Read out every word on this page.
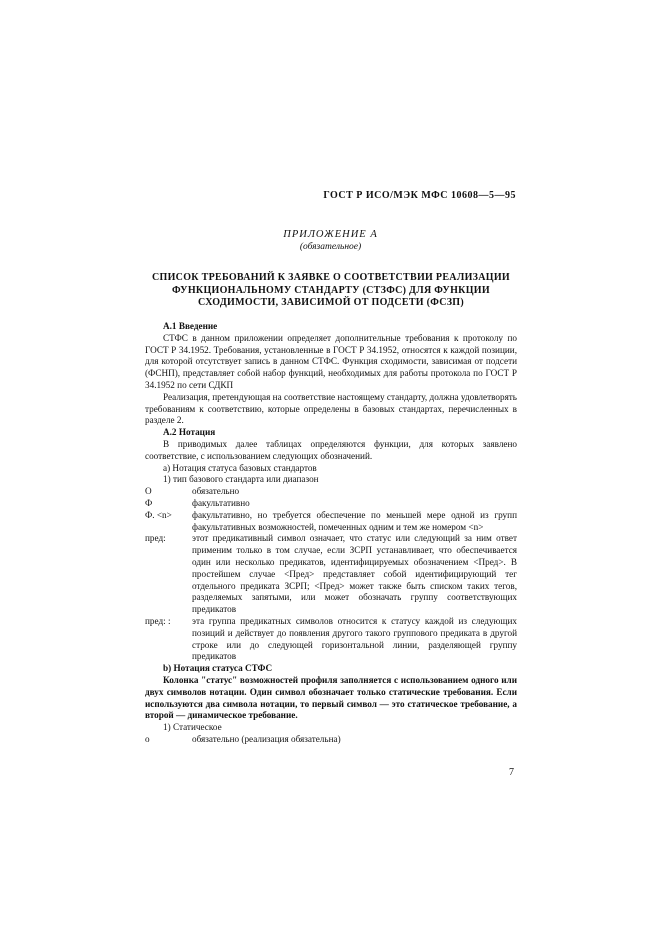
ГОСТ Р ИСО/МЭК МФС 10608—5—95
ПРИЛОЖЕНИЕ А
(обязательное)
СПИСОК ТРЕБОВАНИЙ К ЗАЯВКЕ О СООТВЕТСТВИИ РЕАЛИЗАЦИИ ФУНКЦИОНАЛЬНОМУ СТАНДАРТУ (СТЗФС) ДЛЯ ФУНКЦИИ СХОДИМОСТИ, ЗАВИСИМОЙ ОТ ПОДСЕТИ (ФСЗП)

А.1 Введение

СТФС в данном приложении определяет дополнительные требования к протоколу по ГОСТ Р 34.1952. Требования, установленные в ГОСТ Р 34.1952, относятся к каждой позиции, для которой отсутствует запись в данном СТФС. Функция сходимости, зависимая от подсети (ФСНП), представляет собой набор функций, необходимых для работы протокола по ГОСТ Р 34.1952 по сети СДКП

Реализация, претендующая на соответствие настоящему стандарту, должна удовлетворять требованиям к соответствию, которые определены в базовых стандартах, перечисленных в разделе 2.

А.2 Нотация

В приводимых далее таблицах определяются функции, для которых заявлено соответствие, с использованием следующих обозначений.

а) Нотация статуса базовых стандартов

1) тип базового стандарта или диапазон

О	обязательно
Ф	факультативно
Ф. <n>	факультативно, но требуется обеспечение по меньшей мере одной из групп факультативных возможностей, помеченных одним и тем же номером <n>
пред:	этот предикативный символ означает, что статус или следующий за ним ответ применим только в том случае, если ЗСРП устанавливает, что обеспечивается один или несколько предикатов, идентифицируемых обозначением <Пред>. В простейшем случае <Пред> представляет собой идентифицирующий тег отдельного предиката ЗСРП; <Пред> может также быть списком таких тегов, разделяемых запятыми, или может обозначать группу соответствующих предикатов
пред: :	эта группа предикатных символов относится к статусу каждой из следующих позиций и действует до появления другого такого группового предиката в другой строке или до следующей горизонтальной линии, разделяющей группу предикатов

b) Нотация статуса СТФС

Колонка "статус" возможностей профиля заполняется с использованием одного или двух символов нотации. Один символ обозначает только статические требования. Если используются два символа нотации, то первый символ — это статическое требование, а второй — динамическое требование.

1) Статическое

о	обязательно (реализация обязательна)
7
